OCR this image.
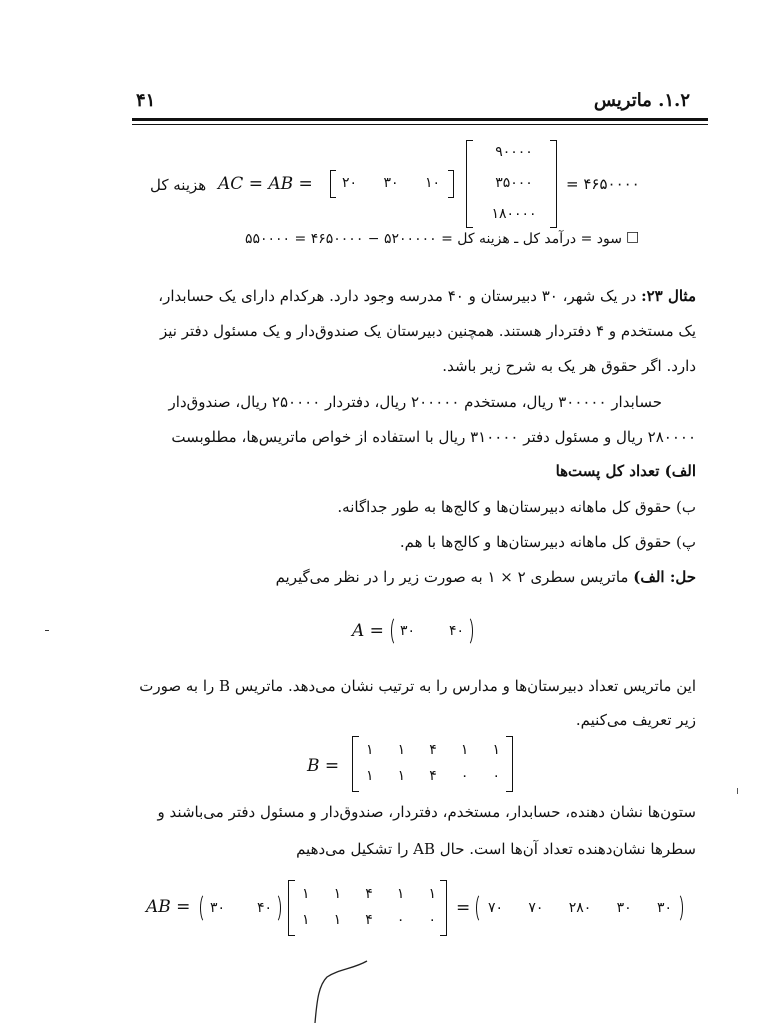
۱.۲. ماتریس
۴۱
هزینه کل AC = AB = ۲۰ ۳۰ ۱۰
۹۰۰۰۰
۳۵۰۰۰
۱۸۰۰۰۰
= ۴۶۵۰۰۰۰
سود = درآمد کل ـ هزینه کل = ۵۲۰۰۰۰۰ − ۴۶۵۰۰۰۰ = ۵۵۰۰۰۰ □
مثال ۲۳: در یک شهر، ۳۰ دبیرستان و ۴۰ مدرسه وجود دارد. هرکدام دارای یک حسابدار،
یک مستخدم و ۴ دفتردار هستند. همچنین دبیرستان یک صندوق‌دار و یک مسئول دفتر نیز
دارد. اگر حقوق هر یک به شرح زیر باشد.
حسابدار ۳۰۰۰۰۰ ریال، مستخدم ۲۰۰۰۰۰ ریال، دفتردار ۲۵۰۰۰۰ ریال، صندوق‌دار
۲۸۰۰۰۰ ریال و مسئول دفتر ۳۱۰۰۰۰ ریال با استفاده از خواص ماتریس‌ها، مطلوبست
الف) تعداد کل پست‌ها
ب) حقوق کل ماهانه دبیرستان‌ها و کالج‌ها به طور جداگانه.
پ) حقوق کل ماهانه دبیرستان‌ها و کالج‌ها با هم.
حل: الف) ماتریس سطری ۲ × ۱ به صورت زیر را در نظر می‌گیریم
A = ۳۰ ۴۰
این ماتریس تعداد دبیرستان‌ها و مدارس را به ترتیب نشان می‌دهد. ماتریس B را به صورت
زیر تعریف می‌کنیم.
B =
۱ ۱ ۴ ۱ ۱
۱ ۱ ۴ ۰ ۰
ستون‌ها نشان دهنده، حسابدار، مستخدم، دفتردار، صندوق‌دار و مسئول دفتر می‌باشند و
سطرها نشان‌دهنده تعداد آن‌ها است. حال AB را تشکیل می‌دهیم
AB = ۳۰ ۴۰
۱ ۱ ۴ ۱ ۱
۱ ۱ ۴ ۰ ۰
= ۷۰ ۷۰ ۲۸۰ ۳۰ ۳۰
